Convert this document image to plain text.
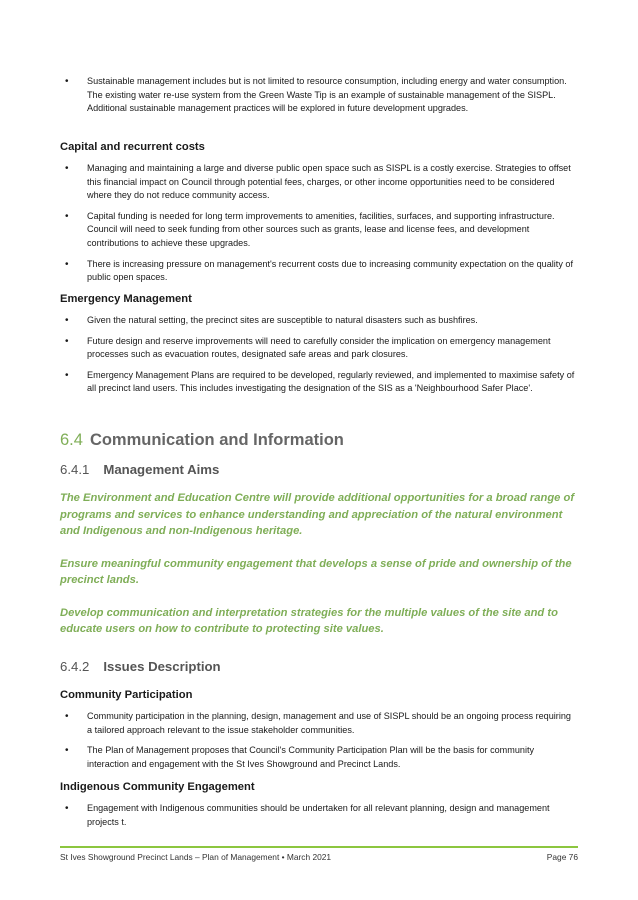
• Sustainable management includes but is not limited to resource consumption, including energy and water consumption. The existing water re-use system from the Green Waste Tip is an example of sustainable management of the SISPL. Additional sustainable management practices will be explored in future development upgrades.
Capital and recurrent costs
• Managing and maintaining a large and diverse public open space such as SISPL is a costly exercise. Strategies to offset this financial impact on Council through potential fees, charges, or other income opportunities need to be considered where they do not reduce community access.
• Capital funding is needed for long term improvements to amenities, facilities, surfaces, and supporting infrastructure. Council will need to seek funding from other sources such as grants, lease and license fees, and development contributions to achieve these upgrades.
• There is increasing pressure on management's recurrent costs due to increasing community expectation on the quality of public open spaces.
Emergency Management
• Given the natural setting, the precinct sites are susceptible to natural disasters such as bushfires.
• Future design and reserve improvements will need to carefully consider the implication on emergency management processes such as evacuation routes, designated safe areas and park closures.
• Emergency Management Plans are required to be developed, regularly reviewed, and implemented to maximise safety of all precinct land users. This includes investigating the designation of the SIS as a 'Neighbourhood Safer Place'.
6.4 Communication and Information
6.4.1 Management Aims

The Environment and Education Centre will provide additional opportunities for a broad range of programs and services to enhance understanding and appreciation of the natural environment and Indigenous and non-Indigenous heritage.

Ensure meaningful community engagement that develops a sense of pride and ownership of the precinct lands.

Develop communication and interpretation strategies for the multiple values of the site and to educate users on how to contribute to protecting site values.

6.4.2 Issues Description
Community Participation
• Community participation in the planning, design, management and use of SISPL should be an ongoing process requiring a tailored approach relevant to the issue stakeholder communities.
• The Plan of Management proposes that Council's Community Participation Plan will be the basis for community interaction and engagement with the St Ives Showground and Precinct Lands.
Indigenous Community Engagement
• Engagement with Indigenous communities should be undertaken for all relevant planning, design and management projects t.
St Ives Showground Precinct Lands – Plan of Management • March 2021	Page 76
